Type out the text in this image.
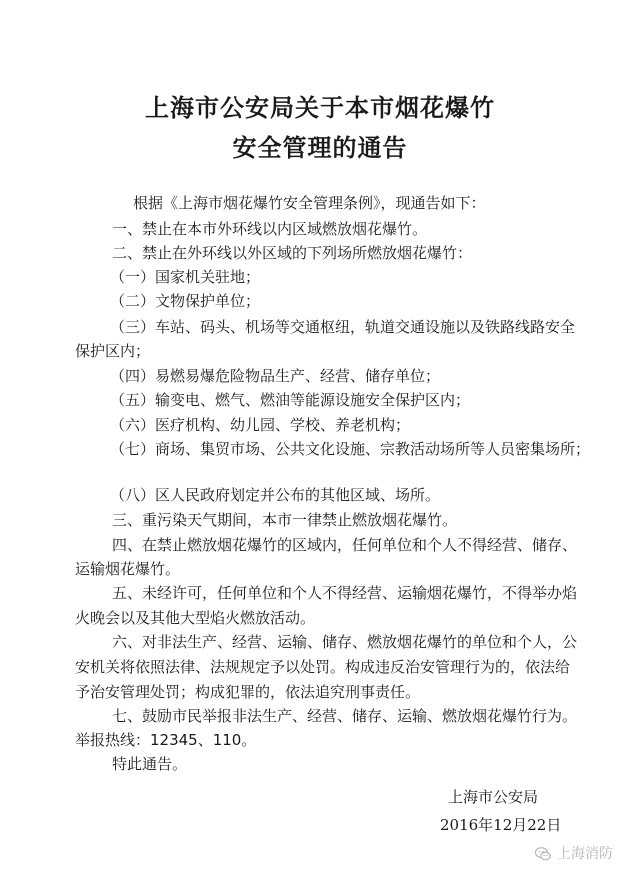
上海市公安局关于本市烟花爆竹
安全管理的通告
根据《上海市烟花爆竹安全管理条例》，现通告如下：
一、禁止在本市外环线以内区域燃放烟花爆竹。
二、禁止在外环线以外区域的下列场所燃放烟花爆竹：
（一）国家机关驻地；
（二）文物保护单位；
（三）车站、码头、机场等交通枢纽，轨道交通设施以及铁路线路安全
保护区内；
（四）易燃易爆危险物品生产、经营、储存单位；
（五）输变电、燃气、燃油等能源设施安全保护区内；
（六）医疗机构、幼儿园、学校、养老机构；
（七）商场、集贸市场、公共文化设施、宗教活动场所等人员密集场所；
（八）区人民政府划定并公布的其他区域、场所。
三、重污染天气期间，本市一律禁止燃放烟花爆竹。
四、在禁止燃放烟花爆竹的区域内，任何单位和个人不得经营、储存、
运输烟花爆竹。
五、未经许可，任何单位和个人不得经营、运输烟花爆竹，不得举办焰
火晚会以及其他大型焰火燃放活动。
六、对非法生产、经营、运输、储存、燃放烟花爆竹的单位和个人，公
安机关将依照法律、法规规定予以处罚。构成违反治安管理行为的，依法给
予治安管理处罚；构成犯罪的，依法追究刑事责任。
七、鼓励市民举报非法生产、经营、储存、运输、燃放烟花爆竹行为。
举报热线：12345、110。
特此通告。
上海市公安局
2016年12月22日
上海消防
